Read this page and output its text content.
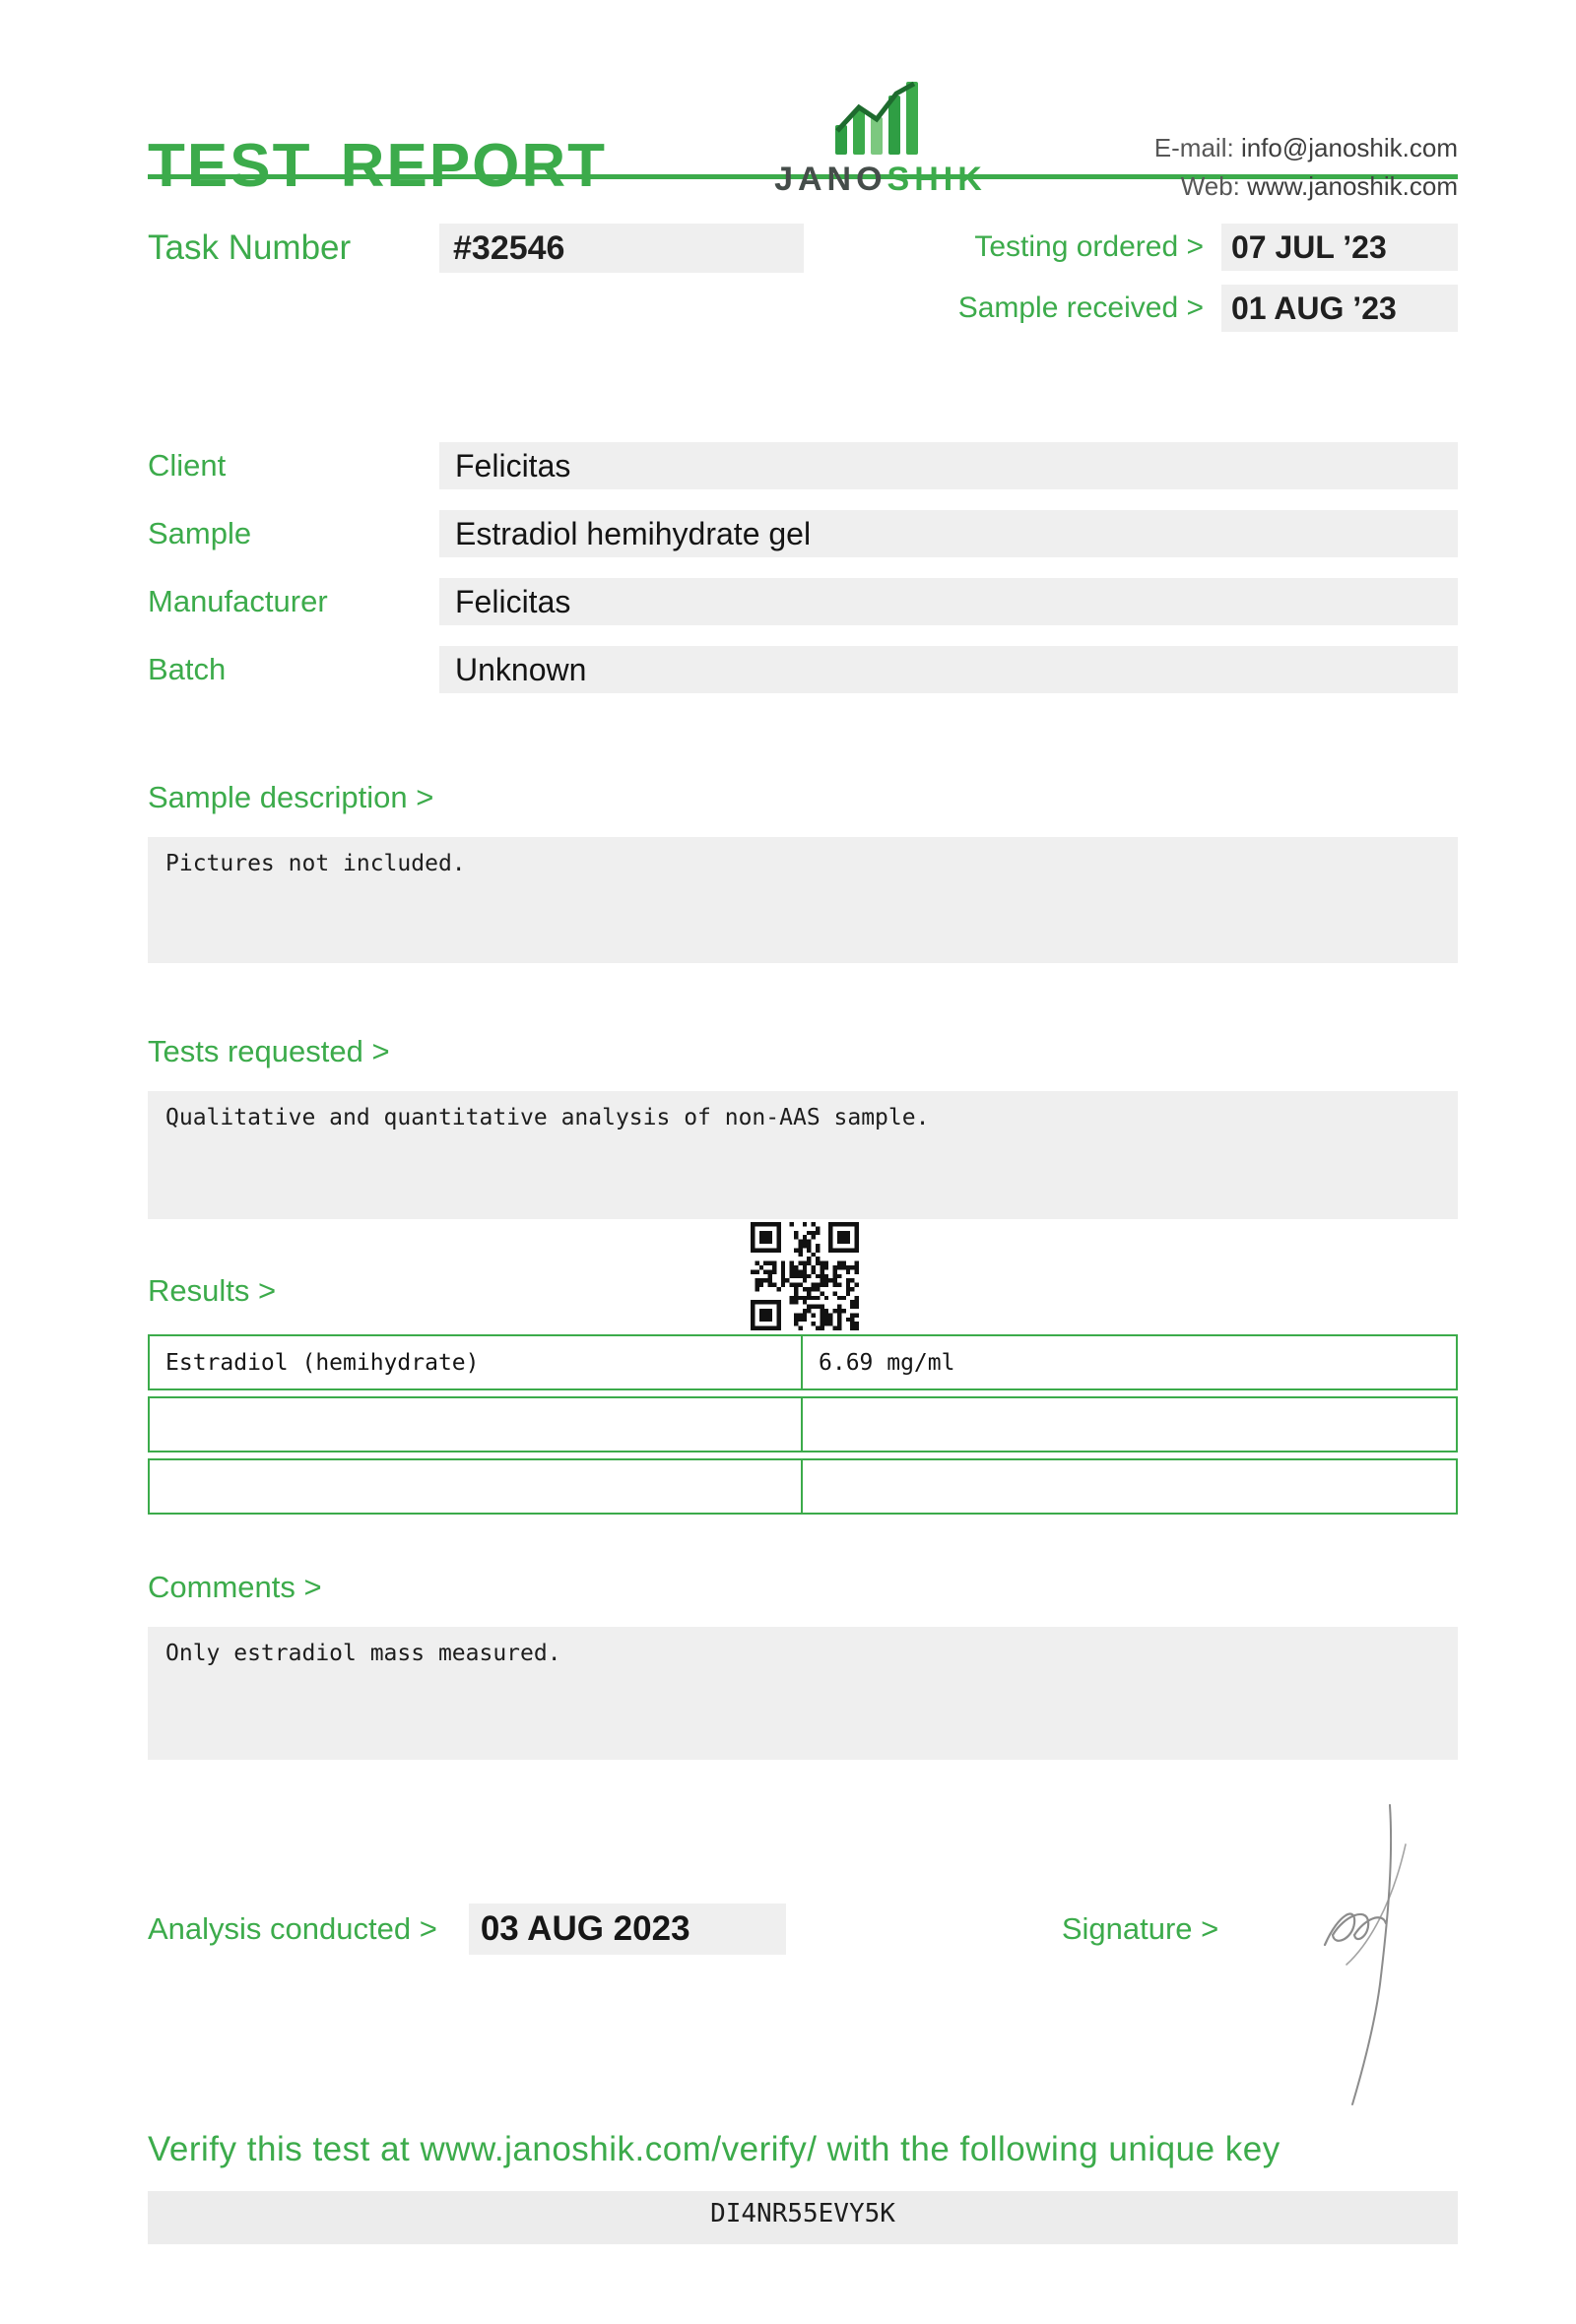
TEST REPORT	JANOSHIK
E-mail: info@janoshik.com
Web: www.janoshik.com
Task Number	#32546	Testing ordered > 07 JUL ’23
Sample received > 01 AUG ’23
Client	Felicitas
Sample	Estradiol hemihydrate gel
Manufacturer	Felicitas
Batch	Unknown
Sample description >
Pictures not included.
Tests requested >
Qualitative and quantitative analysis of non-AAS sample.
Results >
Estradiol (hemihydrate)	6.69 mg/ml
Comments >
Only estradiol mass measured.
Analysis conducted >	03 AUG 2023	Signature >

Verify this test at www.janoshik.com/verify/ with the following unique key

DI4NR55EVY5K
